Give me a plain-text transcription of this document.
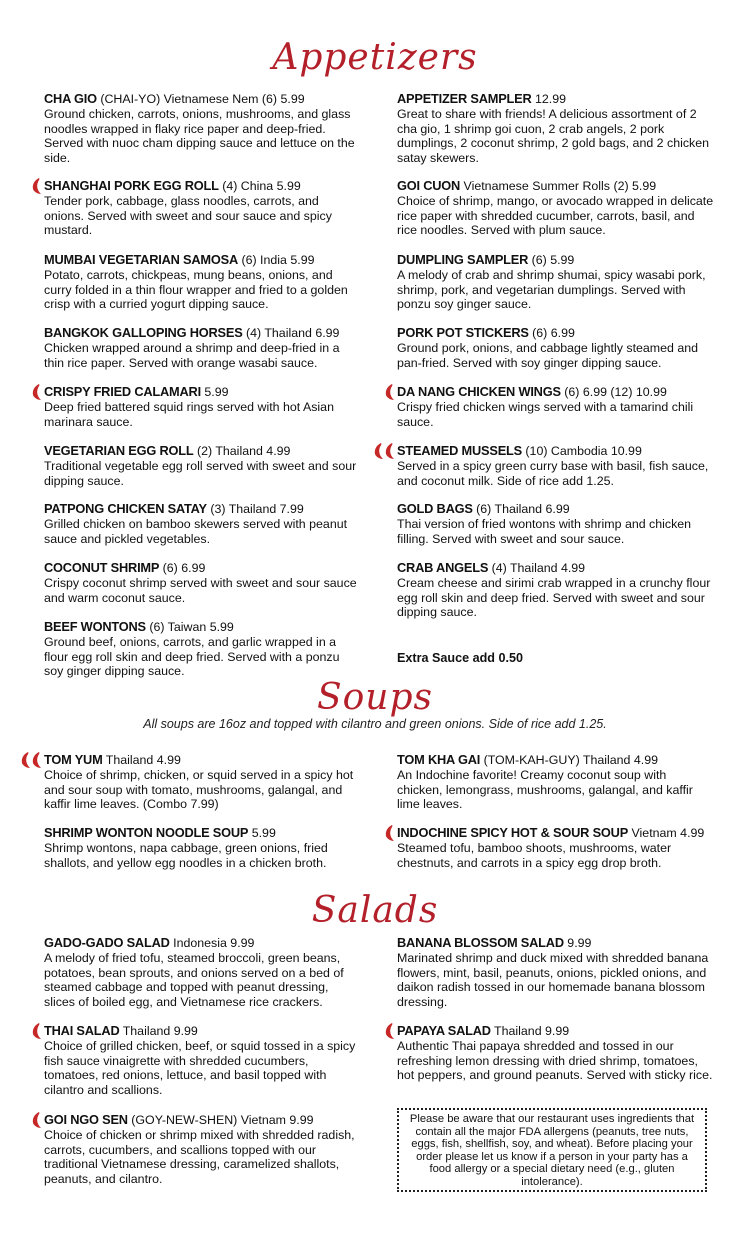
Appetizers
Soups
All soups are 16oz and topped with cilantro and green onions. Side of rice add 1.25.
Salads
CHA GIO (CHAI-YO) Vietnamese Nem (6) 5.99
Ground chicken, carrots, onions, mushrooms, and glass noodles wrapped in flaky rice paper and deep-fried. Served with nuoc cham dipping sauce and lettuce on the side.
SHANGHAI PORK EGG ROLL (4) China 5.99
Tender pork, cabbage, glass noodles, carrots, and onions. Served with sweet and sour sauce and spicy mustard.
MUMBAI VEGETARIAN SAMOSA (6) India 5.99
Potato, carrots, chickpeas, mung beans, onions, and curry folded in a thin flour wrapper and fried to a golden crisp with a curried yogurt dipping sauce.
BANGKOK GALLOPING HORSES (4) Thailand 6.99
Chicken wrapped around a shrimp and deep-fried in a thin rice paper. Served with orange wasabi sauce.
CRISPY FRIED CALAMARI 5.99
Deep fried battered squid rings served with hot Asian marinara sauce.
VEGETARIAN EGG ROLL (2) Thailand 4.99
Traditional vegetable egg roll served with sweet and sour dipping sauce.
PATPONG CHICKEN SATAY (3) Thailand 7.99
Grilled chicken on bamboo skewers served with peanut sauce and pickled vegetables.
COCONUT SHRIMP (6) 6.99
Crispy coconut shrimp served with sweet and sour sauce and warm coconut sauce.
BEEF WONTONS (6) Taiwan 5.99
Ground beef, onions, carrots, and garlic wrapped in a flour egg roll skin and deep fried. Served with a ponzu soy ginger dipping sauce.
APPETIZER SAMPLER 12.99
Great to share with friends! A delicious assortment of 2 cha gio, 1 shrimp goi cuon, 2 crab angels, 2 pork dumplings, 2 coconut shrimp, 2 gold bags, and 2 chicken satay skewers.
GOI CUON Vietnamese Summer Rolls (2) 5.99
Choice of shrimp, mango, or avocado wrapped in delicate rice paper with shredded cucumber, carrots, basil, and rice noodles. Served with plum sauce.
DUMPLING SAMPLER (6) 5.99
A melody of crab and shrimp shumai, spicy wasabi pork, shrimp, pork, and vegetarian dumplings. Served with ponzu soy ginger sauce.
PORK POT STICKERS (6) 6.99
Ground pork, onions, and cabbage lightly steamed and pan-fried. Served with soy ginger dipping sauce.
DA NANG CHICKEN WINGS (6) 6.99 (12) 10.99
Crispy fried chicken wings served with a tamarind chili sauce.
STEAMED MUSSELS (10) Cambodia 10.99
Served in a spicy green curry base with basil, fish sauce, and coconut milk. Side of rice add 1.25.
GOLD BAGS (6) Thailand 6.99
Thai version of fried wontons with shrimp and chicken filling. Served with sweet and sour sauce.
CRAB ANGELS (4) Thailand 4.99
Cream cheese and sirimi crab wrapped in a crunchy flour egg roll skin and deep fried. Served with sweet and sour dipping sauce.
TOM YUM Thailand 4.99
Choice of shrimp, chicken, or squid served in a spicy hot and sour soup with tomato, mushrooms, galangal, and kaffir lime leaves. (Combo 7.99)
SHRIMP WONTON NOODLE SOUP 5.99
Shrimp wontons, napa cabbage, green onions, fried shallots, and yellow egg noodles in a chicken broth.
TOM KHA GAI (TOM-KAH-GUY) Thailand 4.99
An Indochine favorite! Creamy coconut soup with chicken, lemongrass, mushrooms, galangal, and kaffir lime leaves.
INDOCHINE SPICY HOT & SOUR SOUP Vietnam 4.99
Steamed tofu, bamboo shoots, mushrooms, water chestnuts, and carrots in a spicy egg drop broth.
GADO-GADO SALAD Indonesia 9.99
A melody of fried tofu, steamed broccoli, green beans, potatoes, bean sprouts, and onions served on a bed of steamed cabbage and topped with peanut dressing, slices of boiled egg, and Vietnamese rice crackers.
THAI SALAD Thailand 9.99
Choice of grilled chicken, beef, or squid tossed in a spicy fish sauce vinaigrette with shredded cucumbers, tomatoes, red onions, lettuce, and basil topped with cilantro and scallions.
GOI NGO SEN (GOY-NEW-SHEN) Vietnam 9.99
Choice of chicken or shrimp mixed with shredded radish, carrots, cucumbers, and scallions topped with our traditional Vietnamese dressing, caramelized shallots, peanuts, and cilantro.
BANANA BLOSSOM SALAD 9.99
Marinated shrimp and duck mixed with shredded banana flowers, mint, basil, peanuts, onions, pickled onions, and daikon radish tossed in our homemade banana blossom dressing.
PAPAYA SALAD Thailand 9.99
Authentic Thai papaya shredded and tossed in our refreshing lemon dressing with dried shrimp, tomatoes, hot peppers, and ground peanuts. Served with sticky rice.
Extra Sauce add 0.50
Please be aware that our restaurant uses ingredients that contain all the major FDA allergens (peanuts, tree nuts, eggs, fish, shellfish, soy, and wheat). Before placing your order please let us know if a person in your party has a food allergy or a special dietary need (e.g., gluten intolerance).
